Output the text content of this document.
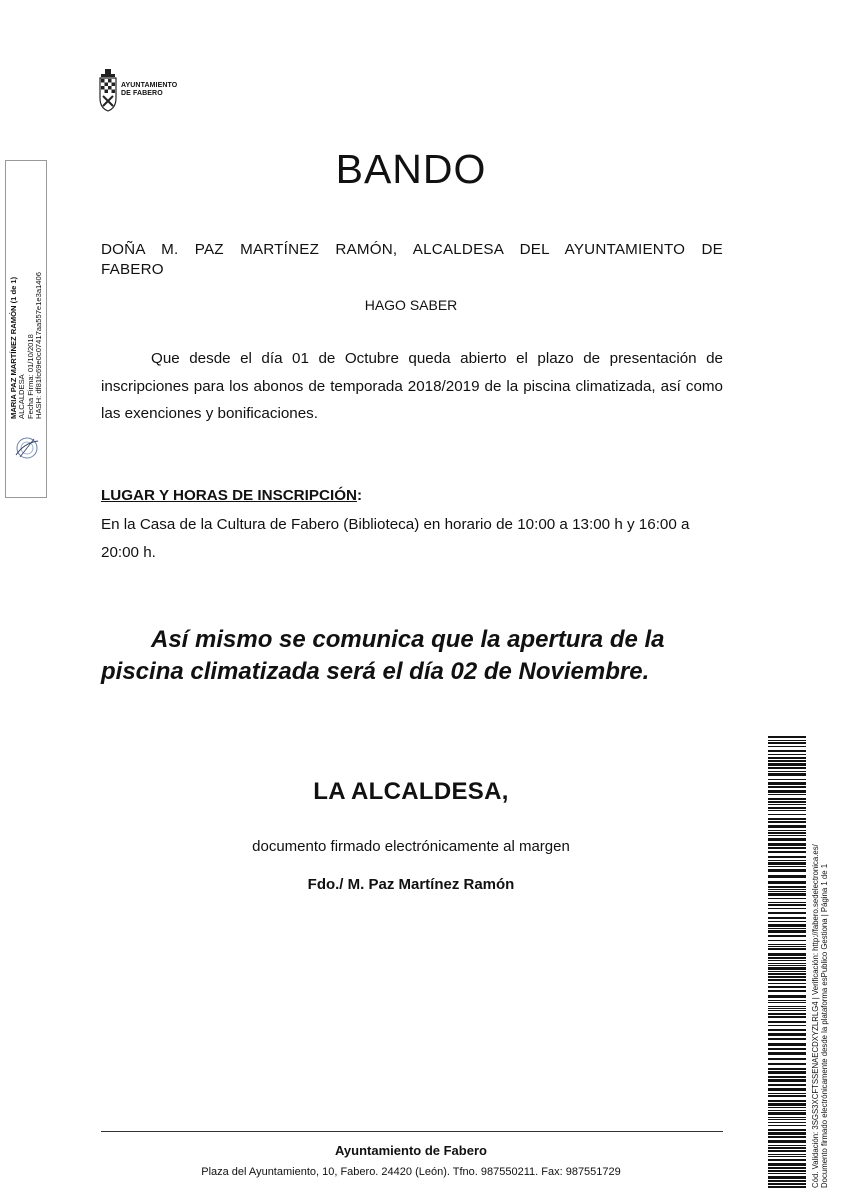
AYUNTAMIENTO
DE FABERO
MARIA PAZ MARTÍNEZ RAMÓN (1 de 1) ALCALDESA Fecha Firma: 01/10/2018 HASH: df81fc69e0c07417aa557e1e3a1406
BANDO
DOÑA M. PAZ MARTÍNEZ RAMÓN, ALCALDESA DEL AYUNTAMIENTO DE
FABERO
HAGO SABER
Que desde el día 01 de Octubre queda abierto el plazo de presentación de inscripciones para los abonos de temporada 2018/2019 de la piscina climatizada, así como las exenciones y bonificaciones.
LUGAR Y HORAS DE INSCRIPCIÓN:
En la Casa de la Cultura de Fabero (Biblioteca) en horario de 10:00 a 13:00 h y 16:00 a 20:00 h.
Así mismo se comunica que la apertura de la piscina climatizada será el día 02 de Noviembre.
LA ALCALDESA,
documento firmado electrónicamente al margen
Fdo./ M. Paz Martínez Ramón
Ayuntamiento de Fabero
Plaza del Ayuntamiento, 10, Fabero. 24420 (León). Tfno. 987550211. Fax: 987551729	Cód. Validación: 3SGS3XCFTSSENAECDXYZLRLG4 | Verificación: http://fabero.sedelectronica.es/ Documento firmado electrónicamente desde la plataforma esPublico Gestiona | Página 1 de 1
